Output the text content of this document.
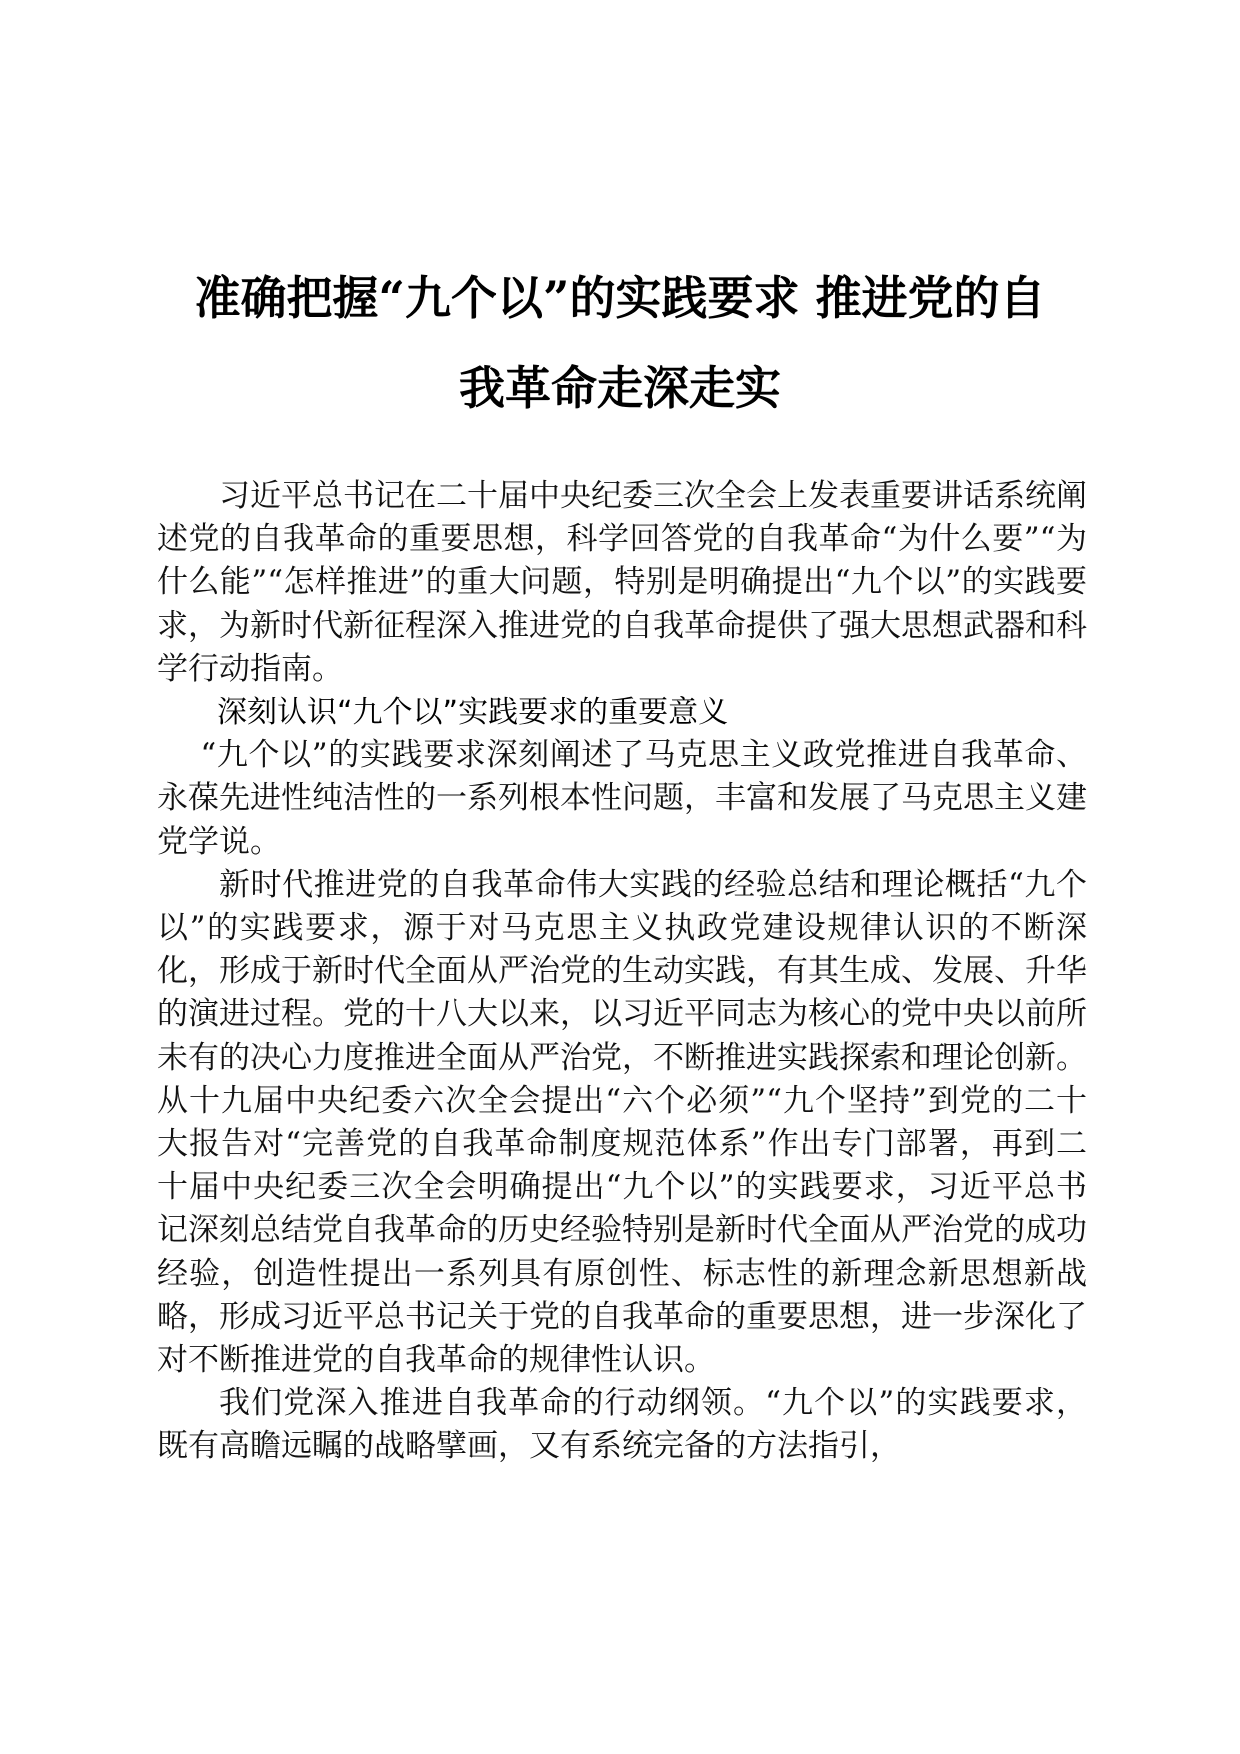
准确把握“九个以”的实践要求 推进党的自
我革命走深走实

习近平总书记在二十届中央纪委三次全会上发表重要讲话系统阐述党的自我革命的重要思想，科学回答党的自我革命“为什么要”“为什么能”“怎样推进”的重大问题，特别是明确提出“九个以”的实践要求，为新时代新征程深入推进党的自我革命提供了强大思想武器和科学行动指南。

深刻认识“九个以”实践要求的重要意义

“九个以”的实践要求深刻阐述了马克思主义政党推进自我革命、永葆先进性纯洁性的一系列根本性问题，丰富和发展了马克思主义建党学说。

新时代推进党的自我革命伟大实践的经验总结和理论概括“九个以”的实践要求，源于对马克思主义执政党建设规律认识的不断深化，形成于新时代全面从严治党的生动实践，有其生成、发展、升华的演进过程。党的十八大以来，以习近平同志为核心的党中央以前所未有的决心力度推进全面从严治党，不断推进实践探索和理论创新。从十九届中央纪委六次全会提出“六个必须”“九个坚持”到党的二十大报告对“完善党的自我革命制度规范体系”作出专门部署，再到二十届中央纪委三次全会明确提出“九个以”的实践要求，习近平总书记深刻总结党自我革命的历史经验特别是新时代全面从严治党的成功经验，创造性提出一系列具有原创性、标志性的新理念新思想新战略，形成习近平总书记关于党的自我革命的重要思想，进一步深化了对不断推进党的自我革命的规律性认识。

我们党深入推进自我革命的行动纲领。“九个以”的实践要求，既有高瞻远瞩的战略擘画，又有系统完备的方法指引，
